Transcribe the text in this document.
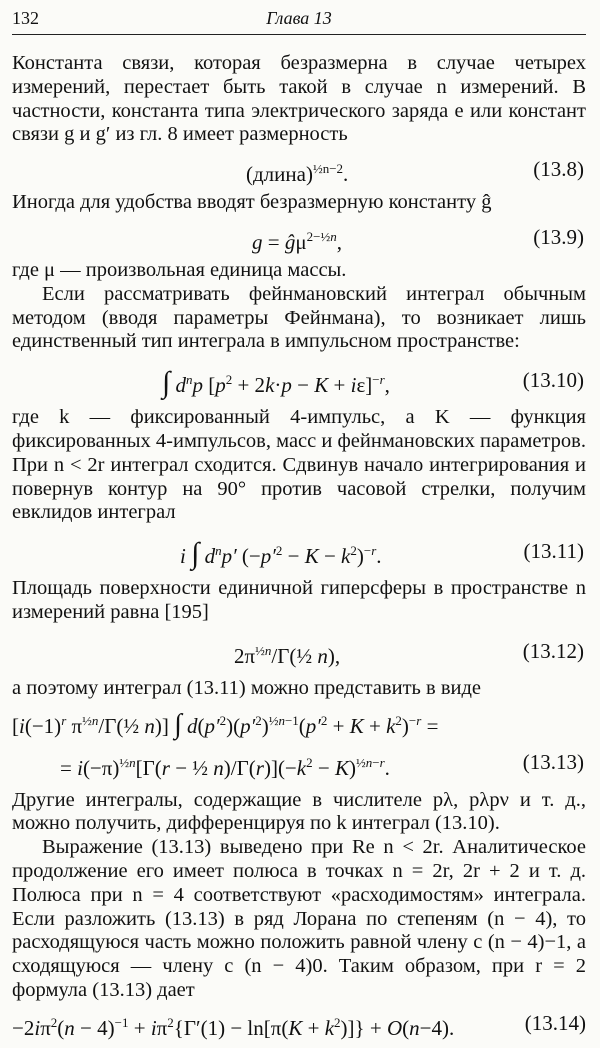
132	Глава 13

Константа связи, которая безразмерна в случае четырех измерений, перестает быть такой в случае n измерений. В частности, константа типа электрического заряда e или констант связи g и g′ из гл. 8 имеет размерность

(длина)$^{\frac{1}{2}n-2}$.	(13.8)

Иногда для удобства вводят безразмерную константу ĝ

$g = ĝ\mu^{2-\frac{1}{2}n}$,	(13.9)

где μ — произвольная единица массы.

Если рассматривать фейнмановский интеграл обычным методом (вводя параметры Фейнмана), то возникает лишь единственный тип интеграла в импульсном пространстве:

∫ $d^np$ $[p^2 + 2k\cdot p - K + i\varepsilon]^{-r}$,	(13.10)

где k — фиксированный 4-импульс, а K — функция фиксированных 4-импульсов, масс и фейнмановских параметров. При n < 2r интеграл сходится. Сдвинув начало интегрирования и повернув контур на 90° против часовой стрелки, получим евклидов интеграл

i ∫ $d^np'$ $(-p'^2 - K - k^2)^{-r}$.	(13.11)

Площадь поверхности единичной гиперсферы в пространстве n измерений равна [195]

$2\pi^{\frac{1}{2}n}/\Gamma(\frac{1}{2}$ n),	(13.12)

а поэтому интеграл (13.11) можно представить в виде

[$i(-1)^r$ $\pi^{\frac{1}{2}n}/\Gamma(\frac{1}{2}$ n)] ∫ $d(p'^2)(p'^2)^{\frac{1}{2}n-1}(p'^2 + K + k^2)^{-r}$ =
= $i(-\pi)^{\frac{1}{2}n}[\Gamma(r$ − ½ $n)/\Gamma(r)](-k^2 - K)^{\frac{1}{2}n-r}$.	(13.13)

Другие интегралы, содержащие в числителе pλ, pλpν и т. д., можно получить, дифференцируя по k интеграл (13.10).

Выражение (13.13) выведено при Re n < 2r. Аналитическое продолжение его имеет полюса в точках n = 2r, 2r + 2 и т. д. Полюса при n = 4 соответствуют «расходимостям» интеграла. Если разложить (13.13) в ряд Лорана по степеням (n − 4), то расходящуюся часть можно положить равной члену с (n − 4)−1, а сходящуюся — члену с (n − 4)0. Таким образом, при r = 2 формула (13.13) дает

$-2i\pi^2(n - 4)^{-1} + i\pi^2\{\Gamma'(1) - \ln[\pi(K + k^2)]\} + O(n-4)$.	(13.14)
